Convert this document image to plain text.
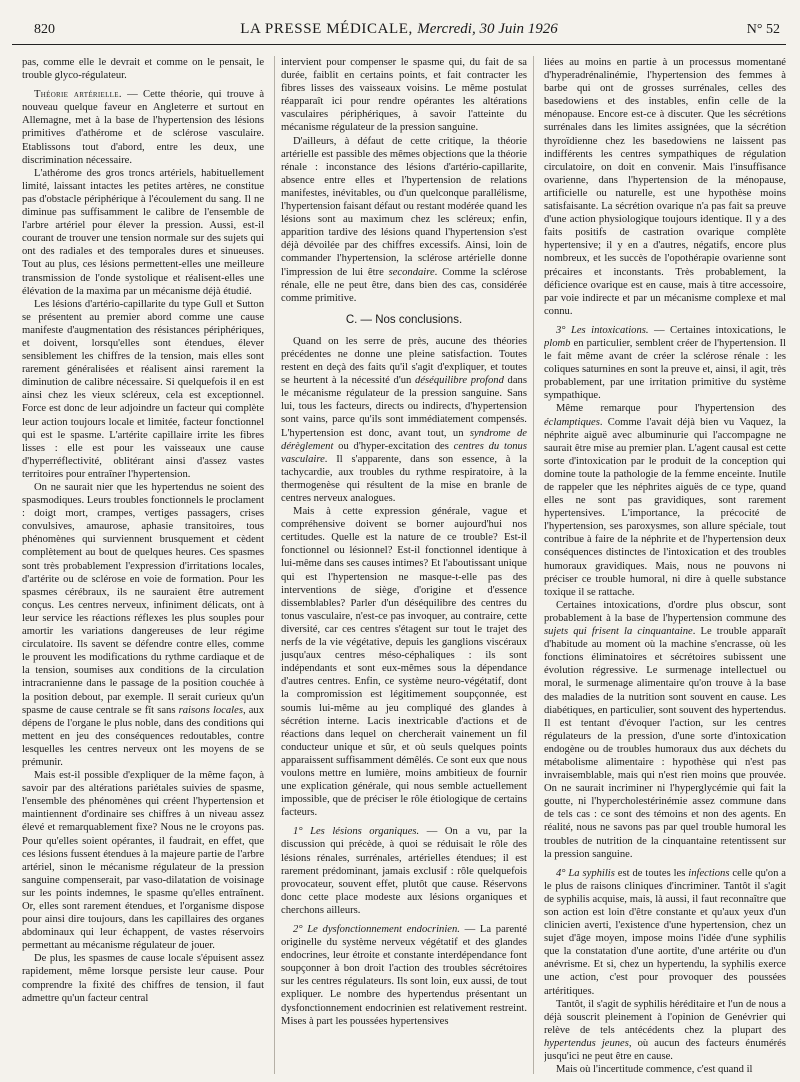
820	LA PRESSE MÉDICALE, Mercredi, 30 Juin 1926	N° 52

pas, comme elle le devrait et comme on le pensait, le trouble glyco-régulateur.

Théorie artérielle. — Cette théorie, qui trouve à nouveau quelque faveur en Angleterre et surtout en Allemagne, met à la base de l'hypertension des lésions primitives d'athérome et de sclérose vasculaire. Etablissons tout d'abord, entre les deux, une discrimination nécessaire.

L'athérome des gros troncs artériels, habituellement limité, laissant intactes les petites artères, ne constitue pas d'obstacle périphérique à l'écoulement du sang. Il ne diminue pas suffisamment le calibre de l'ensemble de l'arbre artériel pour élever la pression. Aussi, est-il courant de trouver une tension normale sur des sujets qui ont des radiales et des temporales dures et sinueuses. Tout au plus, ces lésions permettent-elles une meilleure transmission de l'onde systolique et réalisent-elles une élévation de la maxima par un mécanisme déjà étudié.

Les lésions d'artério-capillarite du type Gull et Sutton se présentent au premier abord comme une cause manifeste d'augmentation des résistances périphériques, et doivent, lorsqu'elles sont étendues, élever sensiblement les chiffres de la tension, mais elles sont rarement généralisées et réalisent ainsi rarement la diminution de calibre nécessaire. Si quelquefois il en est ainsi chez les vieux scléreux, cela est exceptionnel. Force est donc de leur adjoindre un facteur qui complète leur action toujours locale et limitée, facteur fonctionnel qui est le spasme. L'artérite capillaire irrite les fibres lisses : elle est pour les vaisseaux une cause d'hyperréflectivité, oblitérant ainsi d'assez vastes territoires pour entraîner l'hypertension.

On ne saurait nier que les hypertendus ne soient des spasmodiques. Leurs troubles fonctionnels le proclament : doigt mort, crampes, vertiges passagers, crises convulsives, amaurose, aphasie transitoires, tous phénomènes qui surviennent brusquement et cèdent complètement au bout de quelques heures. Ces spasmes sont très probablement l'expression d'irritations locales, d'artérite ou de sclérose en voie de formation. Pour les spasmes cérébraux, ils ne sauraient être autrement conçus. Les centres nerveux, infiniment délicats, ont à leur service les réactions réflexes les plus souples pour amortir les variations dangereuses de leur régime circulatoire. Ils savent se défendre contre elles, comme le prouvent les modifications du rythme cardiaque et de la tension, soumises aux conditions de la circulation intracranienne dans le passage de la position couchée à la position debout, par exemple. Il serait curieux qu'un spasme de cause centrale se fît sans raisons locales, aux dépens de l'organe le plus noble, dans des conditions qui mettent en jeu des conséquences redoutables, contre lesquelles les centres nerveux ont les moyens de se prémunir.

Mais est-il possible d'expliquer de la même façon, à savoir par des altérations pariétales suivies de spasme, l'ensemble des phénomènes qui créent l'hypertension et maintiennent d'ordinaire ses chiffres à un niveau assez élevé et remarquablement fixe? Nous ne le croyons pas. Pour qu'elles soient opérantes, il faudrait, en effet, que ces lésions fussent étendues à la majeure partie de l'arbre artériel, sinon le mécanisme régulateur de la pression sanguine compenserait, par vaso-dilatation de voisinage sur les points indemnes, le spasme qu'elles entraînent. Or, elles sont rarement étendues, et l'organisme dispose pour ainsi dire toujours, dans les capillaires des organes abdominaux qui leur échappent, de vastes réservoirs permettant au mécanisme régulateur de jouer.

De plus, les spasmes de cause locale s'épuisent assez rapidement, même lorsque persiste leur cause. Pour comprendre la fixité des chiffres de tension, il faut admettre qu'un facteur central

intervient pour compenser le spasme qui, du fait de sa durée, faiblit en certains points, et fait contracter les fibres lisses des vaisseaux voisins. Le même postulat réapparaît ici pour rendre opérantes les altérations vasculaires périphériques, à savoir l'atteinte du mécanisme régulateur de la pression sanguine.

D'ailleurs, à défaut de cette critique, la théorie artérielle est passible des mêmes objections que la théorie rénale : inconstance des lésions d'artério-capillarite, absence entre elles et l'hypertension de relations manifestes, inévitables, ou d'un quelconque parallélisme, l'hypertension faisant défaut ou restant modérée quand les lésions sont au maximum chez les scléreux; enfin, apparition tardive des lésions quand l'hypertension s'est déjà dévoilée par des chiffres excessifs. Ainsi, loin de commander l'hypertension, la sclérose artérielle donne l'impression de lui être secondaire. Comme la sclérose rénale, elle ne peut être, dans bien des cas, considérée comme primitive.

C. — Nos conclusions.

Quand on les serre de près, aucune des théories précédentes ne donne une pleine satisfaction. Toutes restent en deçà des faits qu'il s'agit d'expliquer, et toutes se heurtent à la nécessité d'un déséquilibre profond dans le mécanisme régulateur de la pression sanguine. Sans lui, tous les facteurs, directs ou indirects, d'hypertension sont vains, parce qu'ils sont immédiatement compensés. L'hypertension est donc, avant tout, un syndrome de dérèglement ou d'hyper-excitation des centres du tonus vasculaire. Il s'apparente, dans son essence, à la tachycardie, aux troubles du rythme respiratoire, à la thermogenèse qui résultent de la mise en branle de centres nerveux analogues.

Mais à cette expression générale, vague et compréhensive doivent se borner aujourd'hui nos certitudes. Quelle est la nature de ce trouble? Est-il fonctionnel ou lésionnel? Est-il fonctionnel identique à lui-même dans ses causes intimes? Et l'aboutissant unique qui est l'hypertension ne masque-t-elle pas des interventions de siège, d'origine et d'essence dissemblables? Parler d'un déséquilibre des centres du tonus vasculaire, n'est-ce pas invoquer, au contraire, cette diversité, car ces centres s'étagent sur tout le trajet des nerfs de la vie végétative, depuis les ganglions viscéraux jusqu'aux centres méso-céphaliques : ils sont indépendants et sont eux-mêmes sous la dépendance d'autres centres. Enfin, ce système neuro-végétatif, dont la compromission est légitimement soupçonnée, est soumis lui-même au jeu compliqué des glandes à sécrétion interne. Lacis inextricable d'actions et de réactions dans lequel on chercherait vainement un fil conducteur unique et sûr, et où seuls quelques points apparaissent suffisamment démêlés. Ce sont eux que nous voulons mettre en lumière, moins ambitieux de fournir une explication générale, qui nous semble actuellement impossible, que de préciser le rôle étiologique de certains facteurs.

1° Les lésions organiques. — On a vu, par la discussion qui précède, à quoi se réduisait le rôle des lésions rénales, surrénales, artérielles étendues; il est rarement prédominant, jamais exclusif : rôle quelquefois provocateur, souvent effet, plutôt que cause. Réservons donc cette place modeste aux lésions organiques et cherchons ailleurs.

2° Le dysfonctionnement endocrinien. — La parenté originelle du système nerveux végétatif et des glandes endocrines, leur étroite et constante interdépendance font soupçonner à bon droit l'action des troubles sécrétoires sur les centres régulateurs. Ils sont loin, eux aussi, de tout expliquer. Le nombre des hypertendus présentant un dysfonctionnement endocrinien est relativement restreint. Mises à part les poussées hypertensives

liées au moins en partie à un processus momentané d'hyperadrénalinémie, l'hypertension des femmes à barbe qui ont de grosses surrénales, celles des basedowiens et des instables, enfin celle de la ménopause. Encore est-ce à discuter. Que les sécrétions surrénales dans les limites assignées, que la sécrétion thyroïdienne chez les basedowiens ne laissent pas indifférents les centres sympathiques de régulation circulatoire, on doit en convenir. Mais l'insuffisance ovarienne, dans l'hypertension de la ménopause, artificielle ou naturelle, est une hypothèse moins satisfaisante. La sécrétion ovarique n'a pas fait sa preuve d'une action physiologique toujours identique. Il y a des faits positifs de castration ovarique complète hypertensive; il y en a d'autres, négatifs, encore plus nombreux, et les succès de l'opothérapie ovarienne sont précaires et inconstants. Très probablement, la déficience ovarique est en cause, mais à titre accessoire, par voie indirecte et par un mécanisme complexe et mal connu.

3° Les intoxications. — Certaines intoxications, le plomb en particulier, semblent créer de l'hypertension. Il le fait même avant de créer la sclérose rénale : les coliques saturnines en sont la preuve et, ainsi, il agit, très probablement, par une irritation primitive du système sympathique.

Même remarque pour l'hypertension des éclamptiques. Comme l'avait déjà bien vu Vaquez, la néphrite aiguë avec albuminurie qui l'accompagne ne saurait être mise au premier plan. L'agent causal est cette sorte d'intoxication par le produit de la conception qui domine toute la pathologie de la femme enceinte. Inutile de rappeler que les néphrites aiguës de ce type, quand elles ne sont pas gravidiques, sont rarement hypertensives. L'importance, la précocité de l'hypertension, ses paroxysmes, son allure spéciale, tout contribue à faire de la néphrite et de l'hypertension deux conséquences distinctes de l'intoxication et des troubles humoraux gravidiques. Mais, nous ne pouvons ni préciser ce trouble humoral, ni dire à quelle substance toxique il se rattache.

Certaines intoxications, d'ordre plus obscur, sont probablement à la base de l'hypertension commune des sujets qui frisent la cinquantaine. Le trouble apparaît d'habitude au moment où la machine s'encrasse, où les fonctions éliminatoires et sécrétoires subissent une évolution régressive. Le surmenage intellectuel ou moral, le surmenage alimentaire qu'on trouve à la base des maladies de la nutrition sont souvent en cause. Les diabétiques, en particulier, sont souvent des hypertendus. Il est tentant d'évoquer l'action, sur les centres régulateurs de la pression, d'une sorte d'intoxication endogène ou de troubles humoraux dus aux déchets du métabolisme alimentaire : hypothèse qui n'est pas invraisemblable, mais qui n'est rien moins que prouvée. On ne saurait incriminer ni l'hyperglycémie qui fait la goutte, ni l'hypercholestérinémie assez commune dans de tels cas : ce sont des témoins et non des agents. En réalité, nous ne savons pas par quel trouble humoral les troubles de nutrition de la cinquantaine retentissent sur la pression sanguine.

4° La syphilis est de toutes les infections celle qu'on a le plus de raisons cliniques d'incriminer. Tantôt il s'agit de syphilis acquise, mais, là aussi, il faut reconnaître que son action est loin d'être constante et qu'aux yeux d'un clinicien averti, l'existence d'une hypertension, chez un sujet d'âge moyen, impose moins l'idée d'une syphilis que la constatation d'une aortite, d'une artérite ou d'un anévrisme. Et si, chez un hypertendu, la syphilis exerce une action, c'est pour provoquer des poussées artéritiques.

Tantôt, il s'agit de syphilis héréditaire et l'un de nous a déjà souscrit pleinement à l'opinion de Genévrier qui relève de tels antécédents chez la plupart des hypertendus jeunes, où aucun des facteurs énumérés jusqu'ici ne peut être en cause.

Mais où l'incertitude commence, c'est quand il
